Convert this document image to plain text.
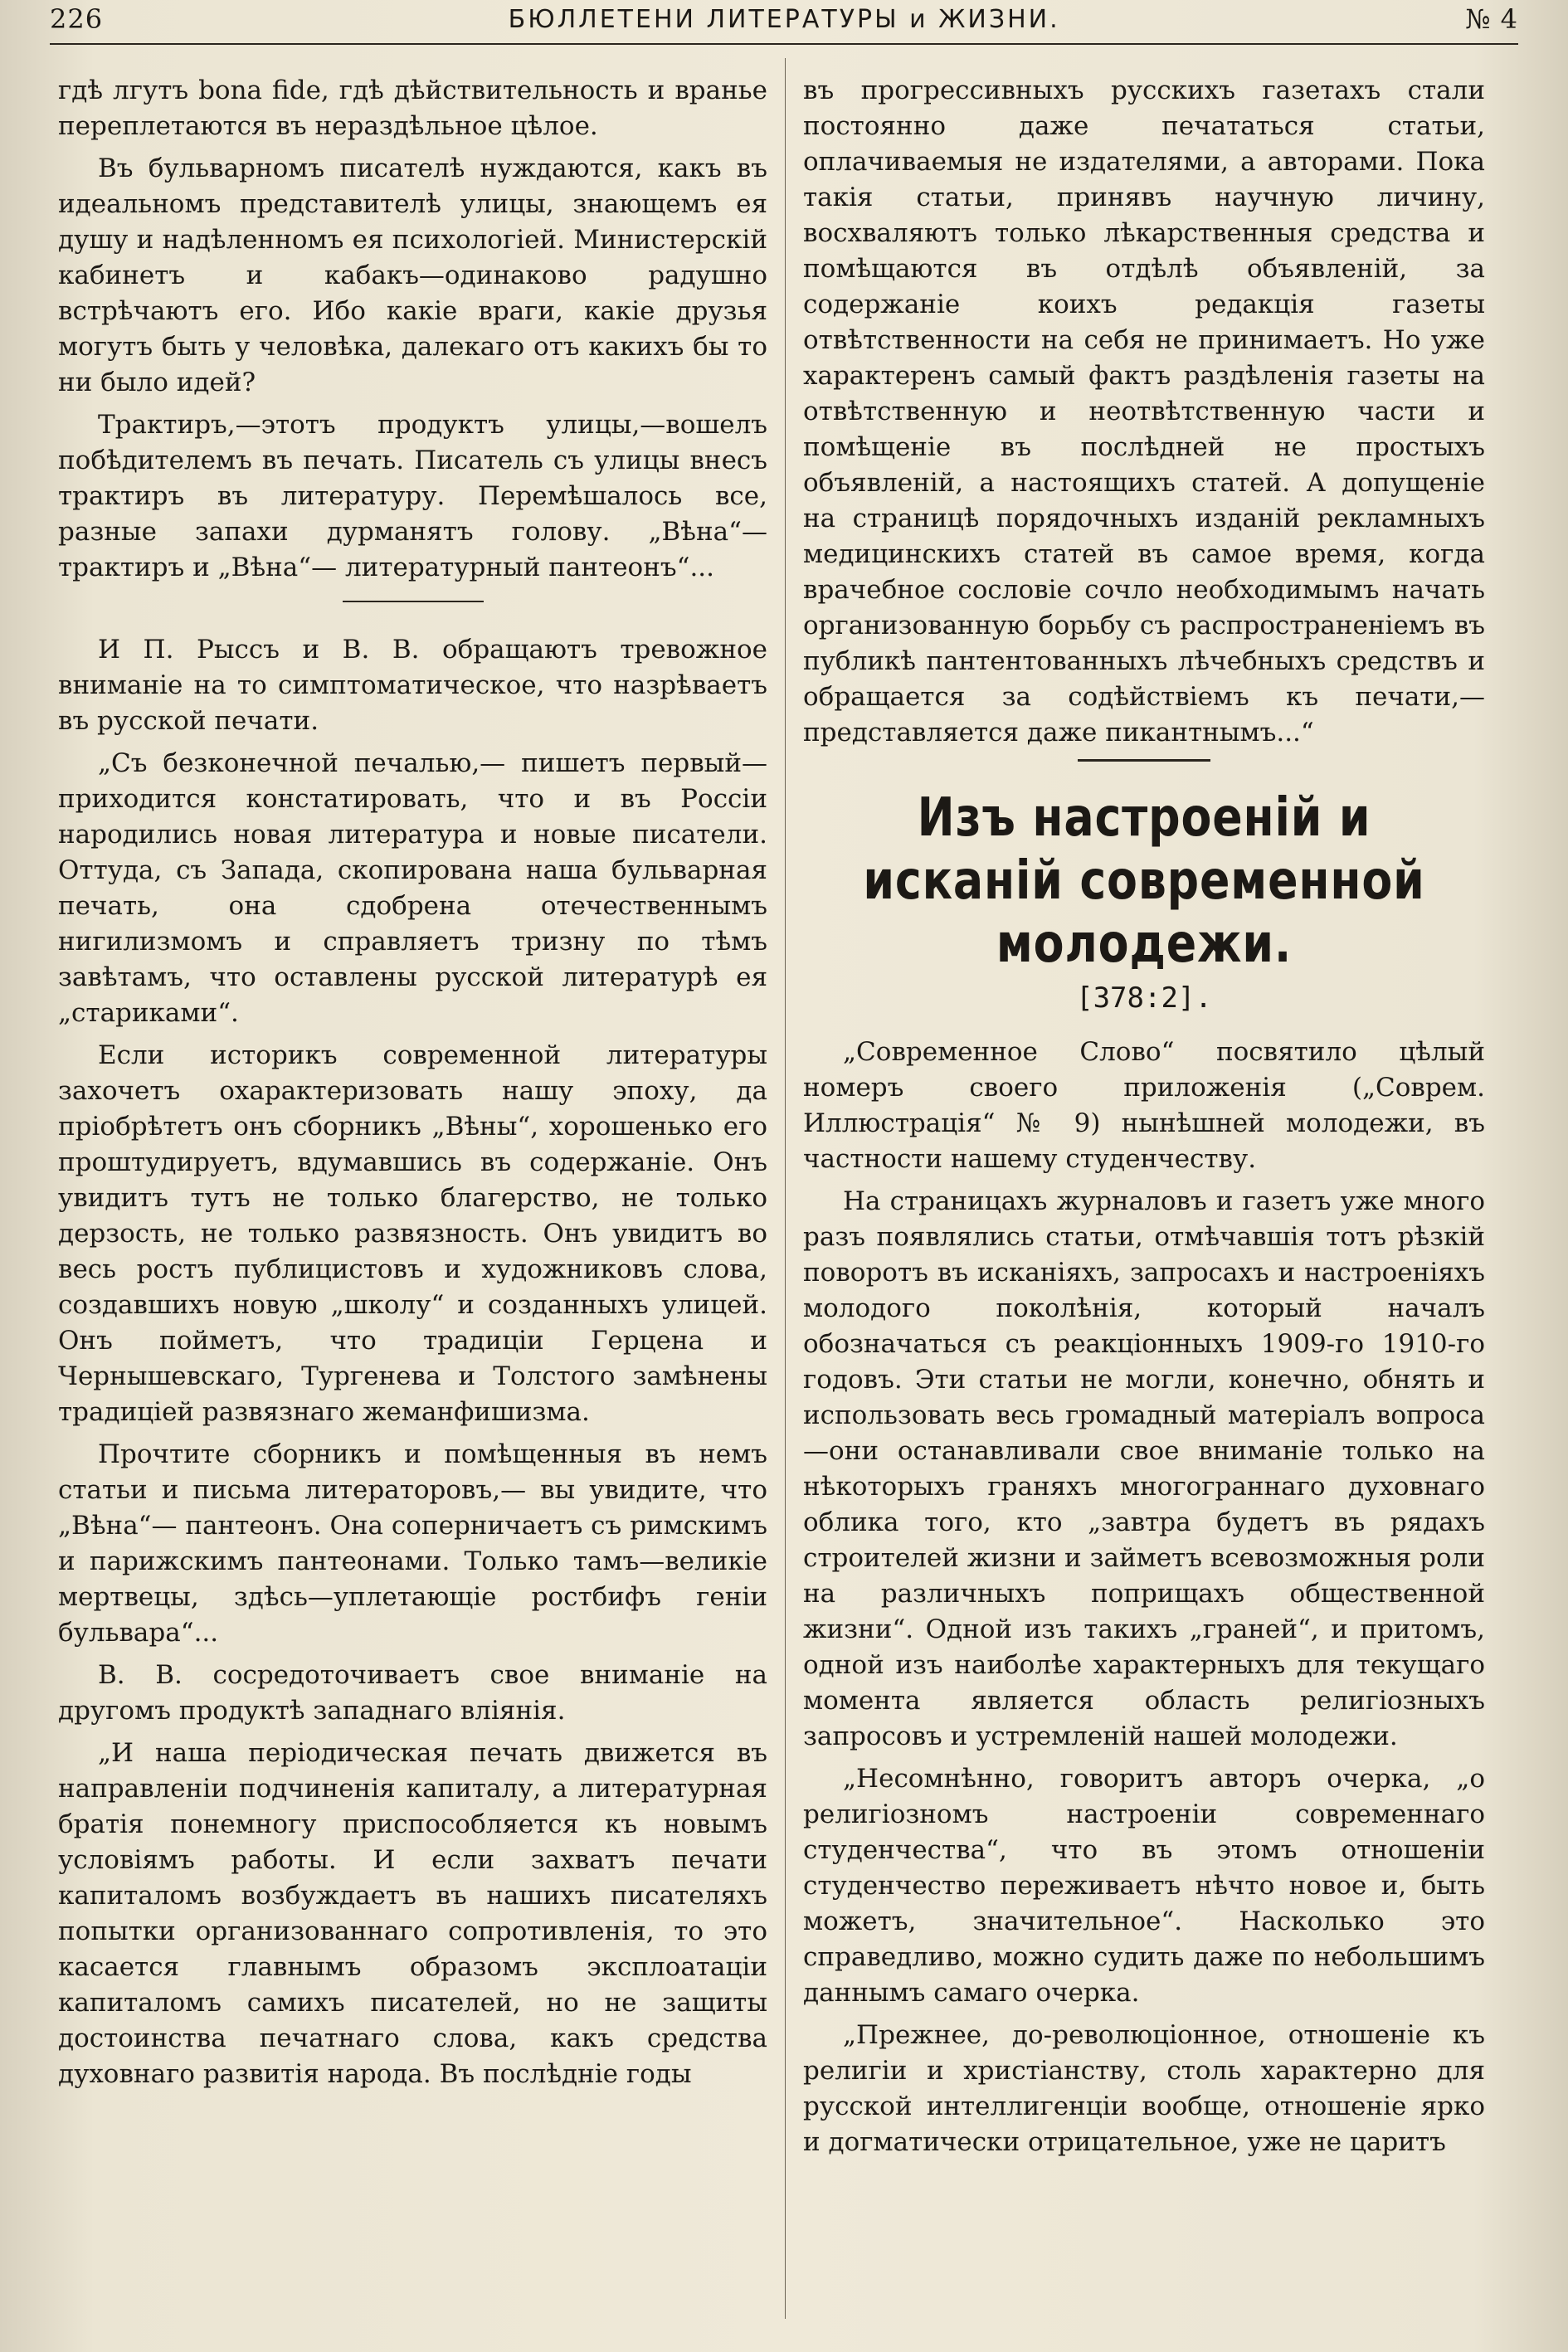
226	БЮЛЛЕТЕНИ ЛИТЕРАТУРЫ и ЖИЗНИ.	№ 4

гдѣ лгутъ bona fide, гдѣ дѣйствительность и вранье переплетаются въ нераздѣльное цѣлое.

Въ бульварномъ писателѣ нуждаются, какъ въ идеальномъ представителѣ улицы, знающемъ ея душу и надѣленномъ ея психологіей. Министерскій кабинетъ и кабакъ—одинаково радушно встрѣчаютъ его. Ибо какіе враги, какіе друзья могутъ быть у человѣка, далекаго отъ какихъ бы то ни было идей?

Трактиръ,—этотъ продуктъ улицы,—вошелъ побѣдителемъ въ печать. Писатель съ улицы внесъ трактиръ въ литературу. Перемѣшалось все, разные запахи дурманятъ голову. „Вѣна“—трактиръ и „Вѣна“— литературный пантеонъ“...

И П. Рыссъ и В. В. обращаютъ тревожное вниманіе на то симптоматическое, что назрѣваетъ въ русской печати.

„Съ безконечной печалью,— пишетъ первый—приходится констатировать, что и въ Россіи народились новая литература и новые писатели. Оттуда, съ Запада, скопирована наша бульварная печать, она сдобрена отечественнымъ нигилизмомъ и справляетъ тризну по тѣмъ завѣтамъ, что оставлены русской литературѣ ея „стариками“.

Если историкъ современной литературы захочетъ охарактеризовать нашу эпоху, да пріобрѣтетъ онъ сборникъ „Вѣны“, хорошенько его проштудируетъ, вдумавшись въ содержаніе. Онъ увидитъ тутъ не только благерство, не только дерзость, не только развязность. Онъ увидитъ во весь ростъ публицистовъ и художниковъ слова, создавшихъ новую „школу“ и созданныхъ улицей. Онъ пойметъ, что традиціи Герцена и Чернышевскаго, Тургенева и Толстого замѣнены традиціей развязнаго жеманфишизма.

Прочтите сборникъ и помѣщенныя въ немъ статьи и письма литераторовъ,— вы увидите, что „Вѣна“— пантеонъ. Она соперничаетъ съ римскимъ и парижскимъ пантеонами. Только тамъ—великіе мертвецы, здѣсь—уплетающіе ростбифъ геніи бульвара“...

В. В. сосредоточиваетъ свое вниманіе на другомъ продуктѣ западнаго вліянія.

„И наша періодическая печать движется въ направленіи подчиненія капиталу, а литературная братія понемногу приспособляется къ новымъ условіямъ работы. И если захватъ печати капиталомъ возбуждаетъ въ нашихъ писателяхъ попытки организованнаго сопротивленія, то это касается главнымъ образомъ эксплоатаціи капиталомъ самихъ писателей, но не защиты достоинства печатнаго слова, какъ средства духовнаго развитія народа. Въ послѣдніе годы

въ прогрессивныхъ русскихъ газетахъ стали постоянно даже печататься статьи, оплачиваемыя не издателями, а авторами. Пока такія статьи, принявъ научную личину, восхваляютъ только лѣкарственныя средства и помѣщаются въ отдѣлѣ объявленій, за содержаніе коихъ редакція газеты отвѣтственности на себя не принимаетъ. Но уже характеренъ самый фактъ раздѣленія газеты на отвѣтственную и неотвѣтственную части и помѣщеніе въ послѣдней не простыхъ объявленій, а настоящихъ статей. А допущеніе на страницѣ порядочныхъ изданій рекламныхъ медицинскихъ статей въ самое время, когда врачебное сословіе сочло необходимымъ начать организованную борьбу съ распространеніемъ въ публикѣ пантентованныхъ лѣчебныхъ средствъ и обращается за содѣйствіемъ къ печати,— представляется даже пикантнымъ...“

Изъ настроеній и исканій современной молодежи.

[378:2].

„Современное Слово“ посвятило цѣлый номеръ своего приложенія („Соврем. Иллюстрація“ № 9) нынѣшней молодежи, въ частности нашему студенчеству.

На страницахъ журналовъ и газетъ уже много разъ появлялись статьи, отмѣчавшія тотъ рѣзкій поворотъ въ исканіяхъ, запросахъ и настроеніяхъ молодого поколѣнія, который началъ обозначаться съ реакціонныхъ 1909-го 1910-го годовъ. Эти статьи не могли, конечно, обнять и использовать весь громадный матеріалъ вопроса—они останавливали свое вниманіе только на нѣкоторыхъ граняхъ многограннаго духовнаго облика того, кто „завтра будетъ въ рядахъ строителей жизни и займетъ всевозможныя роли на различныхъ поприщахъ общественной жизни“. Одной изъ такихъ „граней“, и притомъ, одной изъ наиболѣе характерныхъ для текущаго момента является область религіозныхъ запросовъ и устремленій нашей молодежи.

„Несомнѣнно, говоритъ авторъ очерка, „о религіозномъ настроеніи современнаго студенчества“, что въ этомъ отношеніи студенчество переживаетъ нѣчто новое и, быть можетъ, значительное“. Насколько это справедливо, можно судить даже по небольшимъ даннымъ самаго очерка.

„Прежнее, до-революціонное, отношеніе къ религіи и христіанству, столь характерно для русской интеллигенціи вообще, отношеніе ярко и догматически отрицательное, уже не царитъ
